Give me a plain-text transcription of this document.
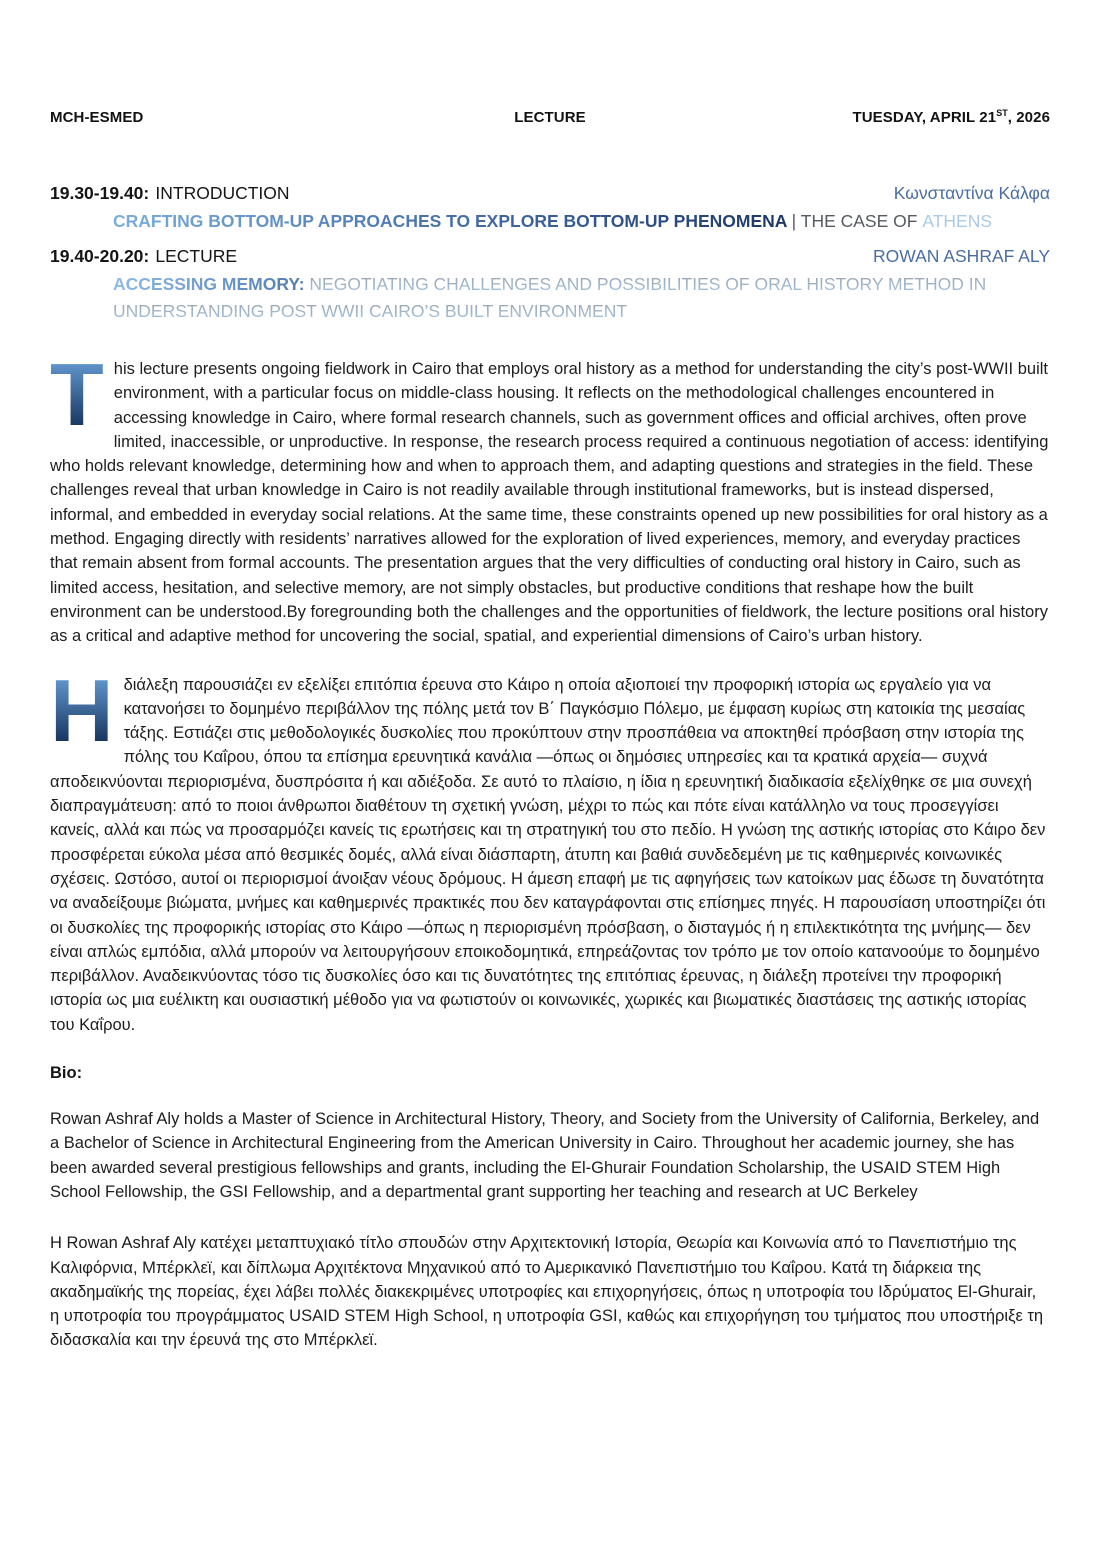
MCH-ESMED	LECTURE	TUESDAY, APRIL 21ST, 2026
19.30-19.40: INTRODUCTION	Κωνσταντίνα Κάλφα
CRAFTING BOTTOM-UP APPROACHES TO EXPLORE BOTTOM-UP PHENOMENA | THE CASE OF ATHENS
19.40-20.20: LECTURE	ROWAN ASHRAF ALY
ACCESSING MEMORY: NEGOTIATING CHALLENGES AND POSSIBILITIES OF ORAL HISTORY METHOD IN UNDERSTANDING POST WWII CAIRO’S BUILT ENVIRONMENT

T his lecture presents ongoing fieldwork in Cairo that employs oral history as a method for understanding the city’s post-WWII built environment, with a particular focus on middle-class housing. It reflects on the methodological challenges encountered in accessing knowledge in Cairo, where formal research channels, such as government offices and official archives, often prove limited, inaccessible, or unproductive. In response, the research process required a continuous negotiation of access: identifying who holds relevant knowledge, determining how and when to approach them, and adapting questions and strategies in the field. These challenges reveal that urban knowledge in Cairo is not readily available through institutional frameworks, but is instead dispersed, informal, and embedded in everyday social relations. At the same time, these constraints opened up new possibilities for oral history as a method. Engaging directly with residents’ narratives allowed for the exploration of lived experiences, memory, and everyday practices that remain absent from formal accounts. The presentation argues that the very difficulties of conducting oral history in Cairo, such as limited access, hesitation, and selective memory, are not simply obstacles, but productive conditions that reshape how the built environment can be understood.By foregrounding both the challenges and the opportunities of fieldwork, the lecture positions oral history as a critical and adaptive method for uncovering the social, spatial, and experiential dimensions of Cairo’s urban history.

Η διάλεξη παρουσιάζει εν εξελίξει επιτόπια έρευνα στο Κάιρο η οποία αξιοποιεί την προφορική ιστορία ως εργαλείο για να κατανοήσει το δομημένο περιβάλλον της πόλης μετά τον Β΄ Παγκόσμιο Πόλεμο, με έμφαση κυρίως στη κατοικία της μεσαίας τάξης. Εστιάζει στις μεθοδολογικές δυσκολίες που προκύπτουν στην προσπάθεια να αποκτηθεί πρόσβαση στην ιστορία της πόλης του Καΐρου, όπου τα επίσημα ερευνητικά κανάλια —όπως οι δημόσιες υπηρεσίες και τα κρατικά αρχεία— συχνά αποδεικνύονται περιορισμένα, δυσπρόσιτα ή και αδιέξοδα. Σε αυτό το πλαίσιο, η ίδια η ερευνητική διαδικασία εξελίχθηκε σε μια συνεχή διαπραγμάτευση: από το ποιοι άνθρωποι διαθέτουν τη σχετική γνώση, μέχρι το πώς και πότε είναι κατάλληλο να τους προσεγγίσει κανείς, αλλά και πώς να προσαρμόζει κανείς τις ερωτήσεις και τη στρατηγική του στο πεδίο. Η γνώση της αστικής ιστορίας στο Κάιρο δεν προσφέρεται εύκολα μέσα από θεσμικές δομές, αλλά είναι διάσπαρτη, άτυπη και βαθιά συνδεδεμένη με τις καθημερινές κοινωνικές σχέσεις. Ωστόσο, αυτοί οι περιορισμοί άνοιξαν νέους δρόμους. Η άμεση επαφή με τις αφηγήσεις των κατοίκων μας έδωσε τη δυνατότητα να αναδείξουμε βιώματα, μνήμες και καθημερινές πρακτικές που δεν καταγράφονται στις επίσημες πηγές. Η παρουσίαση υποστηρίζει ότι οι δυσκολίες της προφορικής ιστορίας στο Κάιρο —όπως η περιορισμένη πρόσβαση, ο δισταγμός ή η επιλεκτικότητα της μνήμης— δεν είναι απλώς εμπόδια, αλλά μπορούν να λειτουργήσουν εποικοδομητικά, επηρεάζοντας τον τρόπο με τον οποίο κατανοούμε το δομημένο περιβάλλον. Αναδεικνύοντας τόσο τις δυσκολίες όσο και τις δυνατότητες της επιτόπιας έρευνας, η διάλεξη προτείνει την προφορική ιστορία ως μια ευέλικτη και ουσιαστική μέθοδο για να φωτιστούν οι κοινωνικές, χωρικές και βιωματικές διαστάσεις της αστικής ιστορίας του Καΐρου.

Bio:

Rowan Ashraf Aly holds a Master of Science in Architectural History, Theory, and Society from the University of California, Berkeley, and a Bachelor of Science in Architectural Engineering from the American University in Cairo. Throughout her academic journey, she has been awarded several prestigious fellowships and grants, including the El-Ghurair Foundation Scholarship, the USAID STEM High School Fellowship, the GSI Fellowship, and a departmental grant supporting her teaching and research at UC Berkeley

Η Rowan Ashraf Aly κατέχει μεταπτυχιακό τίτλο σπουδών στην Αρχιτεκτονική Ιστορία, Θεωρία και Κοινωνία από το Πανεπιστήμιο της Καλιφόρνια, Μπέρκλεϊ, και δίπλωμα Αρχιτέκτονα Μηχανικού από το Αμερικανικό Πανεπιστήμιο του Καΐρου. Κατά τη διάρκεια της ακαδημαϊκής της πορείας, έχει λάβει πολλές διακεκριμένες υποτροφίες και επιχορηγήσεις, όπως η υποτροφία του Ιδρύματος El-Ghurair, η υποτροφία του προγράμματος USAID STEM High School, η υποτροφία GSI, καθώς και επιχορήγηση του τμήματος που υποστήριξε τη διδασκαλία και την έρευνά της στο Μπέρκλεϊ.
